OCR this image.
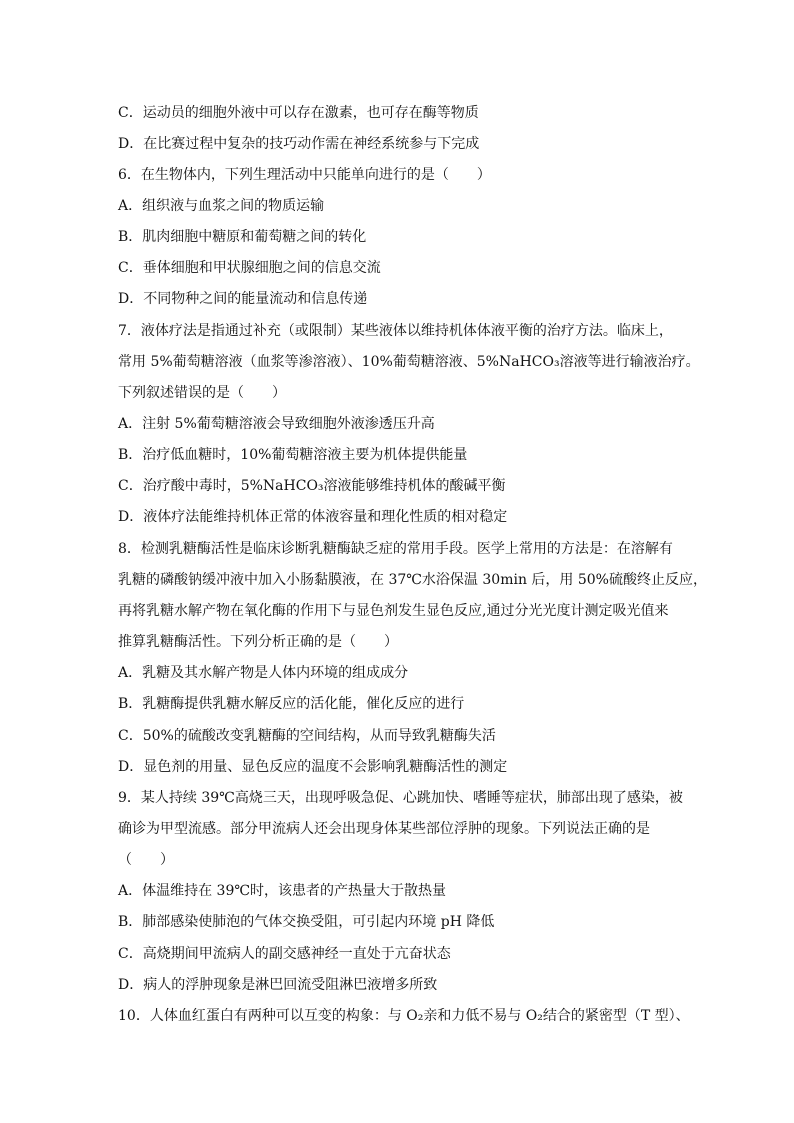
C．运动员的细胞外液中可以存在激素，也可存在酶等物质
D．在比赛过程中复杂的技巧动作需在神经系统参与下完成
6．在生物体内，下列生理活动中只能单向进行的是（　　）
A．组织液与血浆之间的物质运输
B．肌肉细胞中糖原和葡萄糖之间的转化
C．垂体细胞和甲状腺细胞之间的信息交流
D．不同物种之间的能量流动和信息传递
7．液体疗法是指通过补充（或限制）某些液体以维持机体体液平衡的治疗方法。临床上，
常用 5%葡萄糖溶液（血浆等渗溶液）、10%葡萄糖溶液、5%NaHCO₃溶液等进行输液治疗。
下列叙述错误的是（　　）
A．注射 5%葡萄糖溶液会导致细胞外液渗透压升高
B．治疗低血糖时，10%葡萄糖溶液主要为机体提供能量
C．治疗酸中毒时，5%NaHCO₃溶液能够维持机体的酸碱平衡
D．液体疗法能维持机体正常的体液容量和理化性质的相对稳定
8．检测乳糖酶活性是临床诊断乳糖酶缺乏症的常用手段。医学上常用的方法是：在溶解有
乳糖的磷酸钠缓冲液中加入小肠黏膜液，在 37℃水浴保温 30min 后，用 50%硫酸终止反应，
再将乳糖水解产物在氧化酶的作用下与显色剂发生显色反应,通过分光光度计测定吸光值来
推算乳糖酶活性。下列分析正确的是（　　）
A．乳糖及其水解产物是人体内环境的组成成分
B．乳糖酶提供乳糖水解反应的活化能，催化反应的进行
C．50%的硫酸改变乳糖酶的空间结构，从而导致乳糖酶失活
D．显色剂的用量、显色反应的温度不会影响乳糖酶活性的测定
9．某人持续 39℃高烧三天，出现呼吸急促、心跳加快、嗜睡等症状，肺部出现了感染，被
确诊为甲型流感。部分甲流病人还会出现身体某些部位浮肿的现象。下列说法正确的是
（　　）
A．体温维持在 39℃时，该患者的产热量大于散热量
B．肺部感染使肺泡的气体交换受阻，可引起内环境 pH 降低
C．高烧期间甲流病人的副交感神经一直处于亢奋状态
D．病人的浮肿现象是淋巴回流受阻淋巴液增多所致
10．人体血红蛋白有两种可以互变的构象：与 O₂亲和力低不易与 O₂结合的紧密型（T 型）、
